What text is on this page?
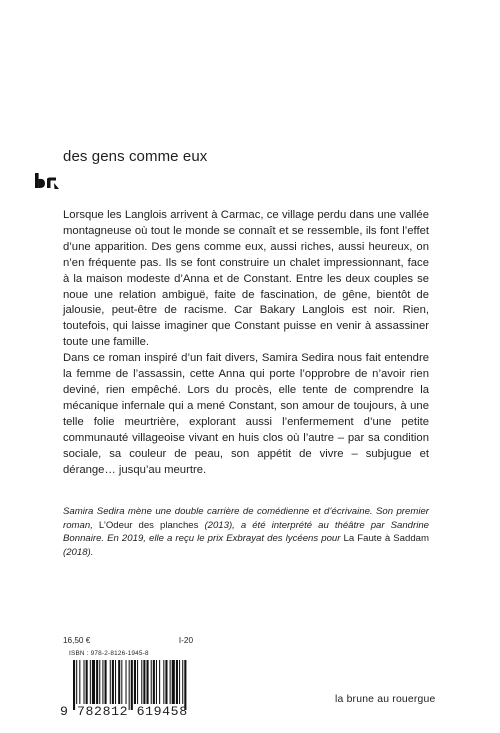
des gens comme eux

Lorsque les Langlois arrivent à Carmac, ce village perdu dans une vallée montagneuse où tout le monde se connaît et se ressemble, ils font l’effet d’une apparition. Des gens comme eux, aussi riches, aussi heureux, on n’en fréquente pas. Ils se font construire un chalet impressionnant, face à la maison modeste d’Anna et de Constant. Entre les deux couples se noue une relation ambiguë, faite de fascination, de gêne, bientôt de jalousie, peut-être de racisme. Car Bakary Langlois est noir. Rien, toutefois, qui laisse imaginer que Constant puisse en venir à assassiner toute une famille.

Dans ce roman inspiré d’un fait divers, Samira Sedira nous fait entendre la femme de l’assassin, cette Anna qui porte l’opprobre de n’avoir rien deviné, rien empêché. Lors du procès, elle tente de comprendre la mécanique infernale qui a mené Constant, son amour de toujours, à une telle folie meurtrière, explorant aussi l’enfermement d’une petite communauté villageoise vivant en huis clos où l’autre – par sa condition sociale, sa couleur de peau, son appétit de vivre – subjugue et dérange… jusqu’au meurtre.

Samira Sedira mène une double carrière de comédienne et d’écrivaine. Son premier roman, L’Odeur des planches (2013), a été interprété au théâtre par Sandrine Bonnaire. En 2019, elle a reçu le prix Exbrayat des lycéens pour La Faute à Saddam (2018).
16,50 €	I-20
ISBN : 978-2-8126-1945-8
9 782812 619458
la brune au rouergue
